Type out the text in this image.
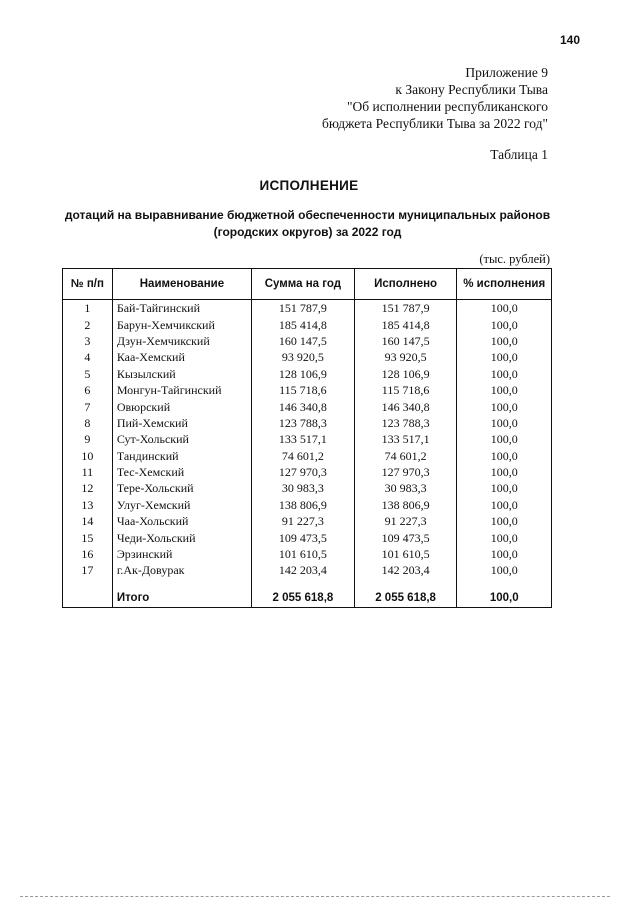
140
Приложение 9
к Закону Республики Тыва
"Об исполнении республиканского
бюджета Республики Тыва за 2022 год"
Таблица 1
ИСПОЛНЕНИЕ
дотаций на выравнивание бюджетной обеспеченности муниципальных районов
(городских округов) за 2022 год
(тыс. рублей)
№ п/п	Наименование	Сумма на год	Исполнено	% исполнения
1	Бай-Тайгинский	151 787,9	151 787,9	100,0
2	Барун-Хемчикский	185 414,8	185 414,8	100,0
3	Дзун-Хемчикский	160 147,5	160 147,5	100,0
4	Каа-Хемский	93 920,5	93 920,5	100,0
5	Кызылский	128 106,9	128 106,9	100,0
6	Монгун-Тайгинский	115 718,6	115 718,6	100,0
7	Овюрский	146 340,8	146 340,8	100,0
8	Пий-Хемский	123 788,3	123 788,3	100,0
9	Сут-Хольский	133 517,1	133 517,1	100,0
10	Тандинский	74 601,2	74 601,2	100,0
11	Тес-Хемский	127 970,3	127 970,3	100,0
12	Тере-Хольский	30 983,3	30 983,3	100,0
13	Улуг-Хемский	138 806,9	138 806,9	100,0
14	Чаа-Хольский	91 227,3	91 227,3	100,0
15	Чеди-Хольский	109 473,5	109 473,5	100,0
16	Эрзинский	101 610,5	101 610,5	100,0
17	г.Ак-Довурак	142 203,4	142 203,4	100,0

	Итого	2 055 618,8	2 055 618,8	100,0
